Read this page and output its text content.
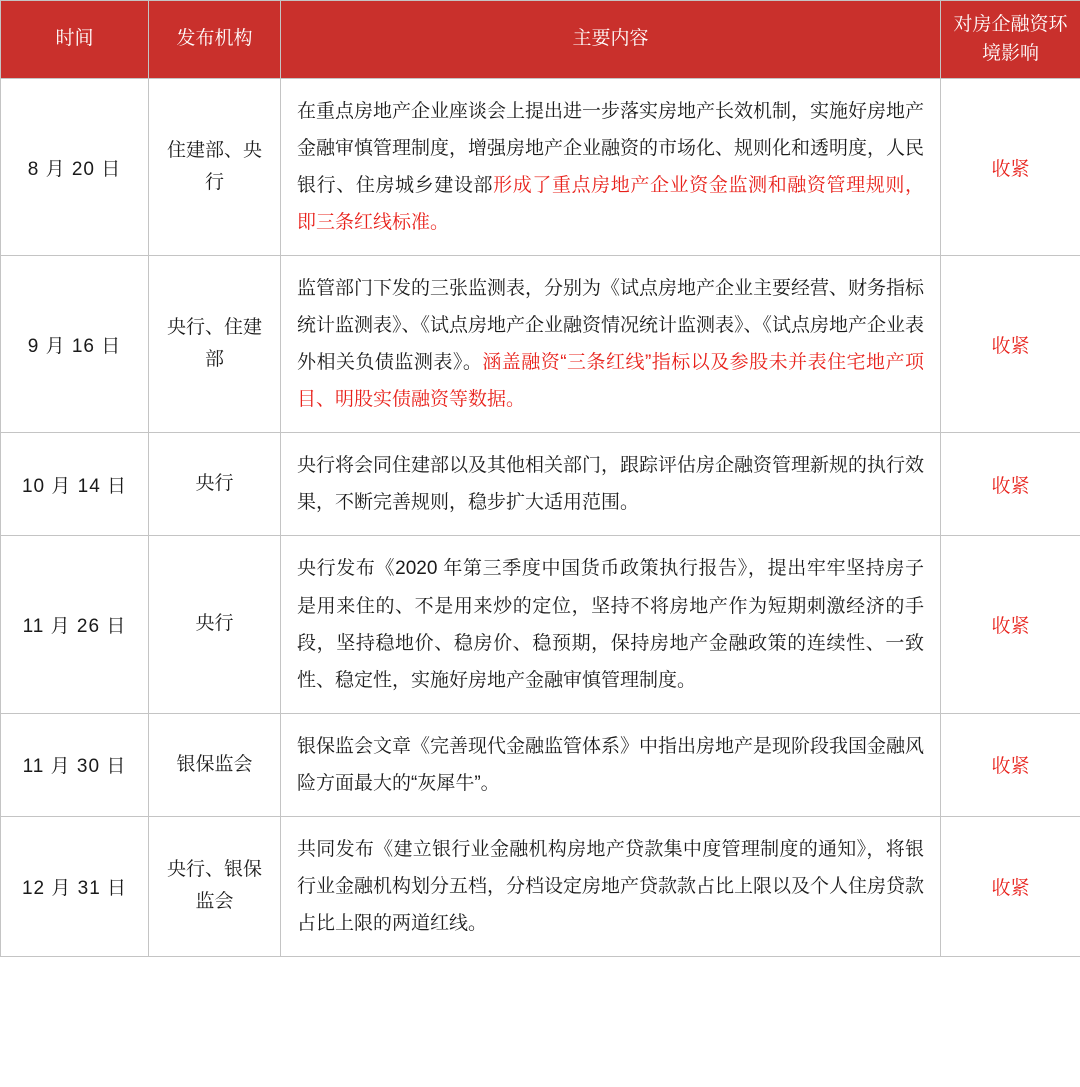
时间	发布机构	主要内容	对房企融资环境影响
8 月 20 日	住建部、央行	在重点房地产企业座谈会上提出进一步落实房地产长效机制，实施好房地产金融审慎管理制度，增强房地产企业融资的市场化、规则化和透明度，人民银行、住房城乡建设部形成了重点房地产企业资金监测和融资管理规则，即三条红线标准。	收紧
9 月 16 日	央行、住建部	监管部门下发的三张监测表，分别为《试点房地产企业主要经营、财务指标统计监测表》、《试点房地产企业融资情况统计监测表》、《试点房地产企业表外相关负债监测表》。涵盖融资“三条红线”指标以及参股未并表住宅地产项目、明股实债融资等数据。	收紧
10 月 14 日	央行	央行将会同住建部以及其他相关部门，跟踪评估房企融资管理新规的执行效果，不断完善规则，稳步扩大适用范围。	收紧
11 月 26 日	央行	央行发布《2020 年第三季度中国货币政策执行报告》，提出牢牢坚持房子是用来住的、不是用来炒的定位，坚持不将房地产作为短期刺激经济的手段，坚持稳地价、稳房价、稳预期，保持房地产金融政策的连续性、一致性、稳定性，实施好房地产金融审慎管理制度。	收紧
11 月 30 日	银保监会	银保监会文章《完善现代金融监管体系》中指出房地产是现阶段我国金融风险方面最大的“灰犀牛”。	收紧
12 月 31 日	央行、银保监会	共同发布《建立银行业金融机构房地产贷款集中度管理制度的通知》，将银行业金融机构划分五档，分档设定房地产贷款款占比上限以及个人住房贷款占比上限的两道红线。	收紧
